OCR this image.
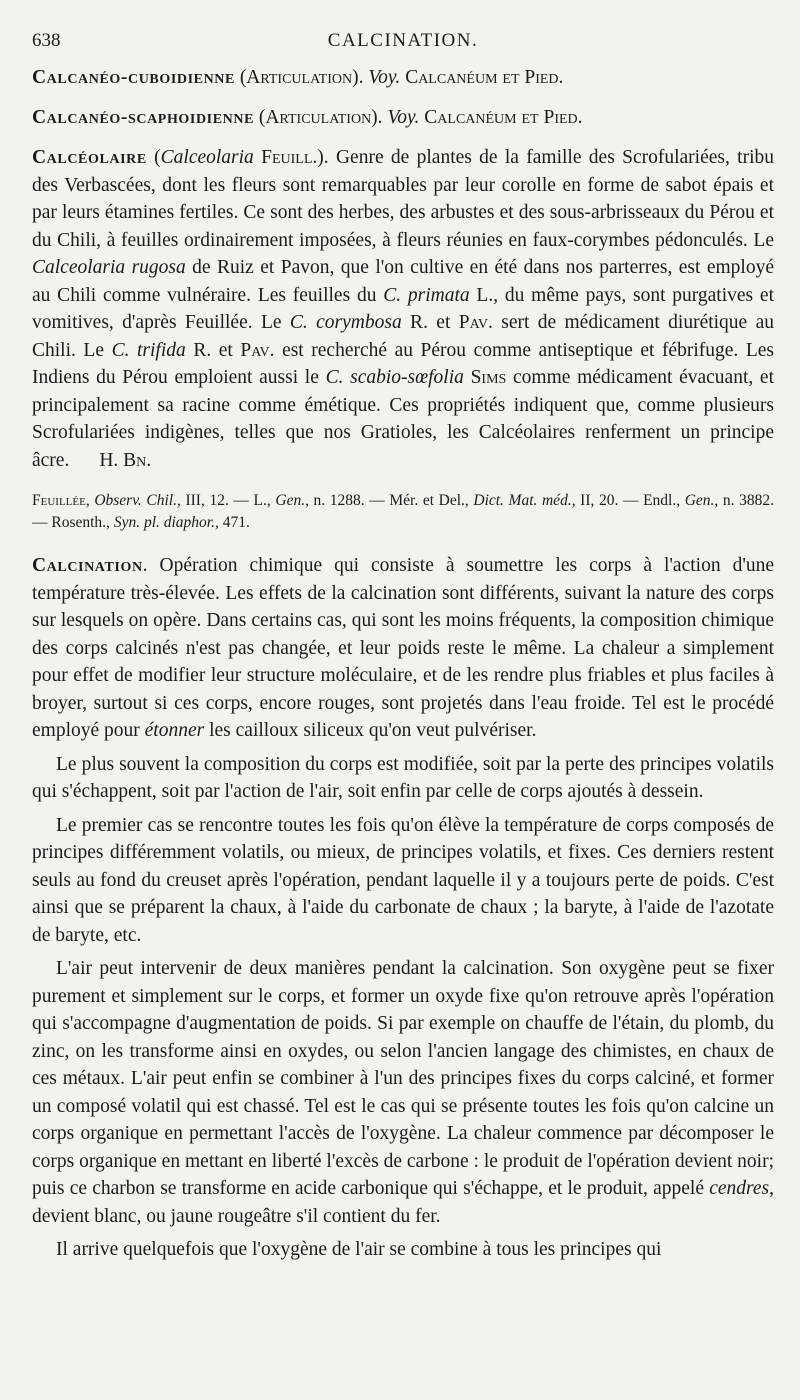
638	CALCINATION.

Calcanéo-cuboidienne (Articulation). Voy. Calcanéum et Pied.

Calcanéo-scaphoidienne (Articulation). Voy. Calcanéum et Pied.

Calcéolaire (Calceolaria Feuill.). Genre de plantes de la famille des Scrofulariées, tribu des Verbascées, dont les fleurs sont remarquables par leur corolle en forme de sabot épais et par leurs étamines fertiles. Ce sont des herbes, des arbustes et des sous-arbrisseaux du Pérou et du Chili, à feuilles ordinairement imposées, à fleurs réunies en faux-corymbes pédonculés. Le Calceolaria rugosa de Ruiz et Pavon, que l'on cultive en été dans nos parterres, est employé au Chili comme vulnéraire. Les feuilles du C. primata L., du même pays, sont purgatives et vomitives, d'après Feuillée. Le C. corymbosa R. et Pav. sert de médicament diurétique au Chili. Le C. trifida R. et Pav. est recherché au Pérou comme antiseptique et fébrifuge. Les Indiens du Pérou emploient aussi le C. scabio-sœfolia Sims comme médicament évacuant, et principalement sa racine comme émétique. Ces propriétés indiquent que, comme plusieurs Scrofulariées indigènes, telles que nos Gratioles, les Calcéolaires renferment un principe âcre. H. Bn.

Feuillée, Observ. Chil., III, 12. — L., Gen., n. 1288. — Mér. et Del., Dict. Mat. méd., II, 20. — Endl., Gen., n. 3882. — Rosenth., Syn. pl. diaphor., 471.

Calcination. Opération chimique qui consiste à soumettre les corps à l'action d'une température très-élevée. Les effets de la calcination sont différents, suivant la nature des corps sur lesquels on opère. Dans certains cas, qui sont les moins fréquents, la composition chimique des corps calcinés n'est pas changée, et leur poids reste le même. La chaleur a simplement pour effet de modifier leur structure moléculaire, et de les rendre plus friables et plus faciles à broyer, surtout si ces corps, encore rouges, sont projetés dans l'eau froide. Tel est le procédé employé pour étonner les cailloux siliceux qu'on veut pulvériser.

Le plus souvent la composition du corps est modifiée, soit par la perte des principes volatils qui s'échappent, soit par l'action de l'air, soit enfin par celle de corps ajoutés à dessein.

Le premier cas se rencontre toutes les fois qu'on élève la température de corps composés de principes différemment volatils, ou mieux, de principes volatils, et fixes. Ces derniers restent seuls au fond du creuset après l'opération, pendant laquelle il y a toujours perte de poids. C'est ainsi que se préparent la chaux, à l'aide du carbonate de chaux ; la baryte, à l'aide de l'azotate de baryte, etc.

L'air peut intervenir de deux manières pendant la calcination. Son oxygène peut se fixer purement et simplement sur le corps, et former un oxyde fixe qu'on retrouve après l'opération qui s'accompagne d'augmentation de poids. Si par exemple on chauffe de l'étain, du plomb, du zinc, on les transforme ainsi en oxydes, ou selon l'ancien langage des chimistes, en chaux de ces métaux. L'air peut enfin se combiner à l'un des principes fixes du corps calciné, et former un composé volatil qui est chassé. Tel est le cas qui se présente toutes les fois qu'on calcine un corps organique en permettant l'accès de l'oxygène. La chaleur commence par décomposer le corps organique en mettant en liberté l'excès de carbone : le produit de l'opération devient noir; puis ce charbon se transforme en acide carbonique qui s'échappe, et le produit, appelé cendres, devient blanc, ou jaune rougeâtre s'il contient du fer.

Il arrive quelquefois que l'oxygène de l'air se combine à tous les principes qui
